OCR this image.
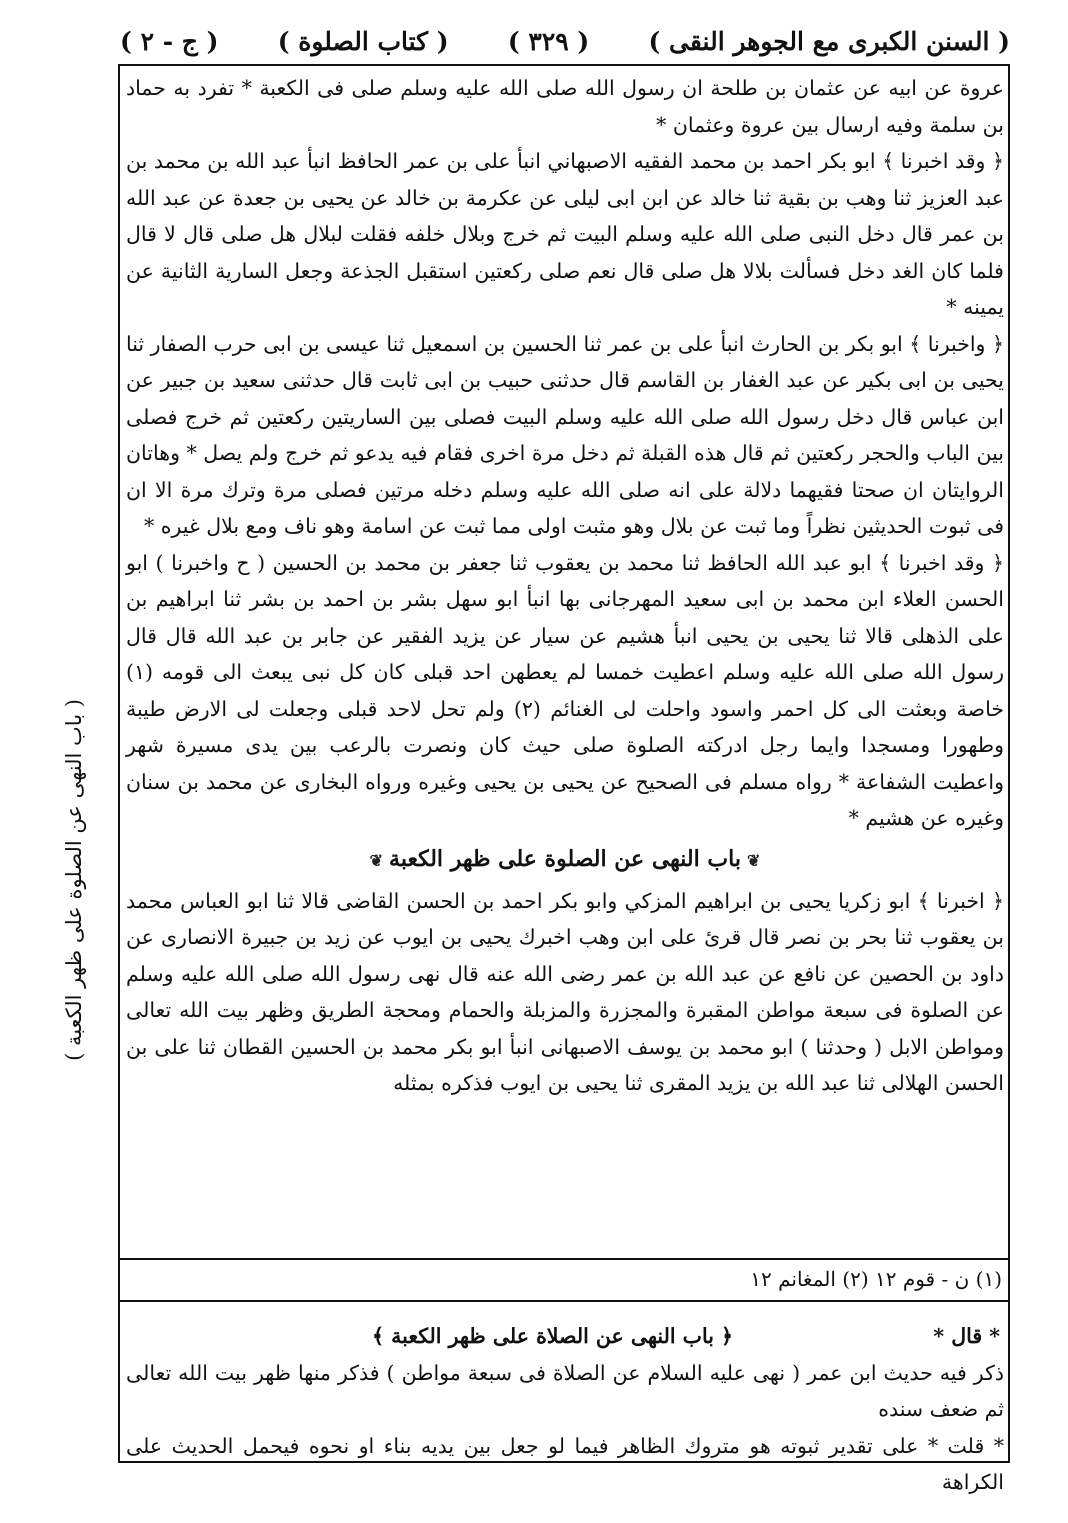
( السنن الكبرى مع الجوهر النقى )
( ٣٢٩ )
( كتاب الصلوة )
( ج - ٢ )

عروة عن ابيه عن عثمان بن طلحة ان رسول الله صلى الله عليه وسلم صلى فى الكعبة * تفرد به حماد بن سلمة وفيه ارسال بين عروة وعثمان *

﴿ وقد اخبرنا ﴾ ابو بكر احمد بن محمد الفقيه الاصبهاني انبأ على بن عمر الحافظ انبأ عبد الله بن محمد بن عبد العزيز ثنا وهب بن بقية ثنا خالد عن ابن ابى ليلى عن عكرمة بن خالد عن يحيى بن جعدة عن عبد الله بن عمر قال دخل النبى صلى الله عليه وسلم البيت ثم خرج وبلال خلفه فقلت لبلال هل صلى قال لا قال فلما كان الغد دخل فسألت بلالا هل صلى قال نعم صلى ركعتين استقبل الجذعة وجعل السارية الثانية عن يمينه *

﴿ واخبرنا ﴾ ابو بكر بن الحارث انبأ على بن عمر ثنا الحسين بن اسمعيل ثنا عيسى بن ابى حرب الصفار ثنا يحيى بن ابى بكير عن عبد الغفار بن القاسم قال حدثنى حبيب بن ابى ثابت قال حدثنى سعيد بن جبير عن ابن عباس قال دخل رسول الله صلى الله عليه وسلم البيت فصلى بين الساريتين ركعتين ثم خرج فصلى بين الباب والحجر ركعتين ثم قال هذه القبلة ثم دخل مرة اخرى فقام فيه يدعو ثم خرج ولم يصل * وهاتان الروايتان ان صحتا فقيهما دلالة على انه صلى الله عليه وسلم دخله مرتين فصلى مرة وترك مرة الا ان فى ثبوت الحديثين نظراً وما ثبت عن بلال وهو مثبت اولى مما ثبت عن اسامة وهو ناف ومع بلال غيره *

﴿ وقد اخبرنا ﴾ ابو عبد الله الحافظ ثنا محمد بن يعقوب ثنا جعفر بن محمد بن الحسين ( ح واخبرنا ) ابو الحسن العلاء ابن محمد بن ابى سعيد المهرجانى بها انبأ ابو سهل بشر بن احمد بن بشر ثنا ابراهيم بن على الذهلى قالا ثنا يحيى بن يحيى انبأ هشيم عن سيار عن يزيد الفقير عن جابر بن عبد الله قال قال رسول الله صلى الله عليه وسلم اعطيت خمسا لم يعطهن احد قبلى كان كل نبى يبعث الى قومه (١) خاصة وبعثت الى كل احمر واسود واحلت لى الغنائم (٢) ولم تحل لاحد قبلى وجعلت لى الارض طيبة وطهورا ومسجدا وايما رجل ادركته الصلوة صلى حيث كان ونصرت بالرعب بين يدى مسيرة شهر واعطيت الشفاعة * رواه مسلم فى الصحيح عن يحيى بن يحيى وغيره ورواه البخارى عن محمد بن سنان وغيره عن هشيم *

❦باب النهى عن الصلوة على ظهر الكعبة❦

﴿ اخبرنا ﴾ ابو زكريا يحيى بن ابراهيم المزكي وابو بكر احمد بن الحسن القاضى قالا ثنا ابو العباس محمد بن يعقوب ثنا بحر بن نصر قال قرئ على ابن وهب اخبرك يحيى بن ايوب عن زيد بن جبيرة الانصارى عن داود بن الحصين عن نافع عن عبد الله بن عمر رضى الله عنه قال نهى رسول الله صلى الله عليه وسلم عن الصلوة فى سبعة مواطن المقبرة والمجزرة والمزبلة والحمام ومحجة الطريق وظهر بيت الله تعالى ومواطن الابل ( وحدثنا ) ابو محمد بن يوسف الاصبهانى انبأ ابو بكر محمد بن الحسين القطان ثنا على بن الحسن الهلالى ثنا عبد الله بن يزيد المقرى ثنا يحيى بن ايوب فذكره بمثله

(١) ن - قوم ١٢ (٢) المغانم ١٢
* قال *
﴿ باب النهى عن الصلاة على ظهر الكعبة ﴾

ذكر فيه حديث ابن عمر ( نهى عليه السلام عن الصلاة فى سبعة مواطن ) فذكر منها ظهر بيت الله تعالى ثم ضعف سنده

* قلت * على تقدير ثبوته هو متروك الظاهر فيما لو جعل بين يديه بناء او نحوه فيحمل الحديث على الكراهة

( باب النهى عن الصلوة على ظهر الكعبة )
